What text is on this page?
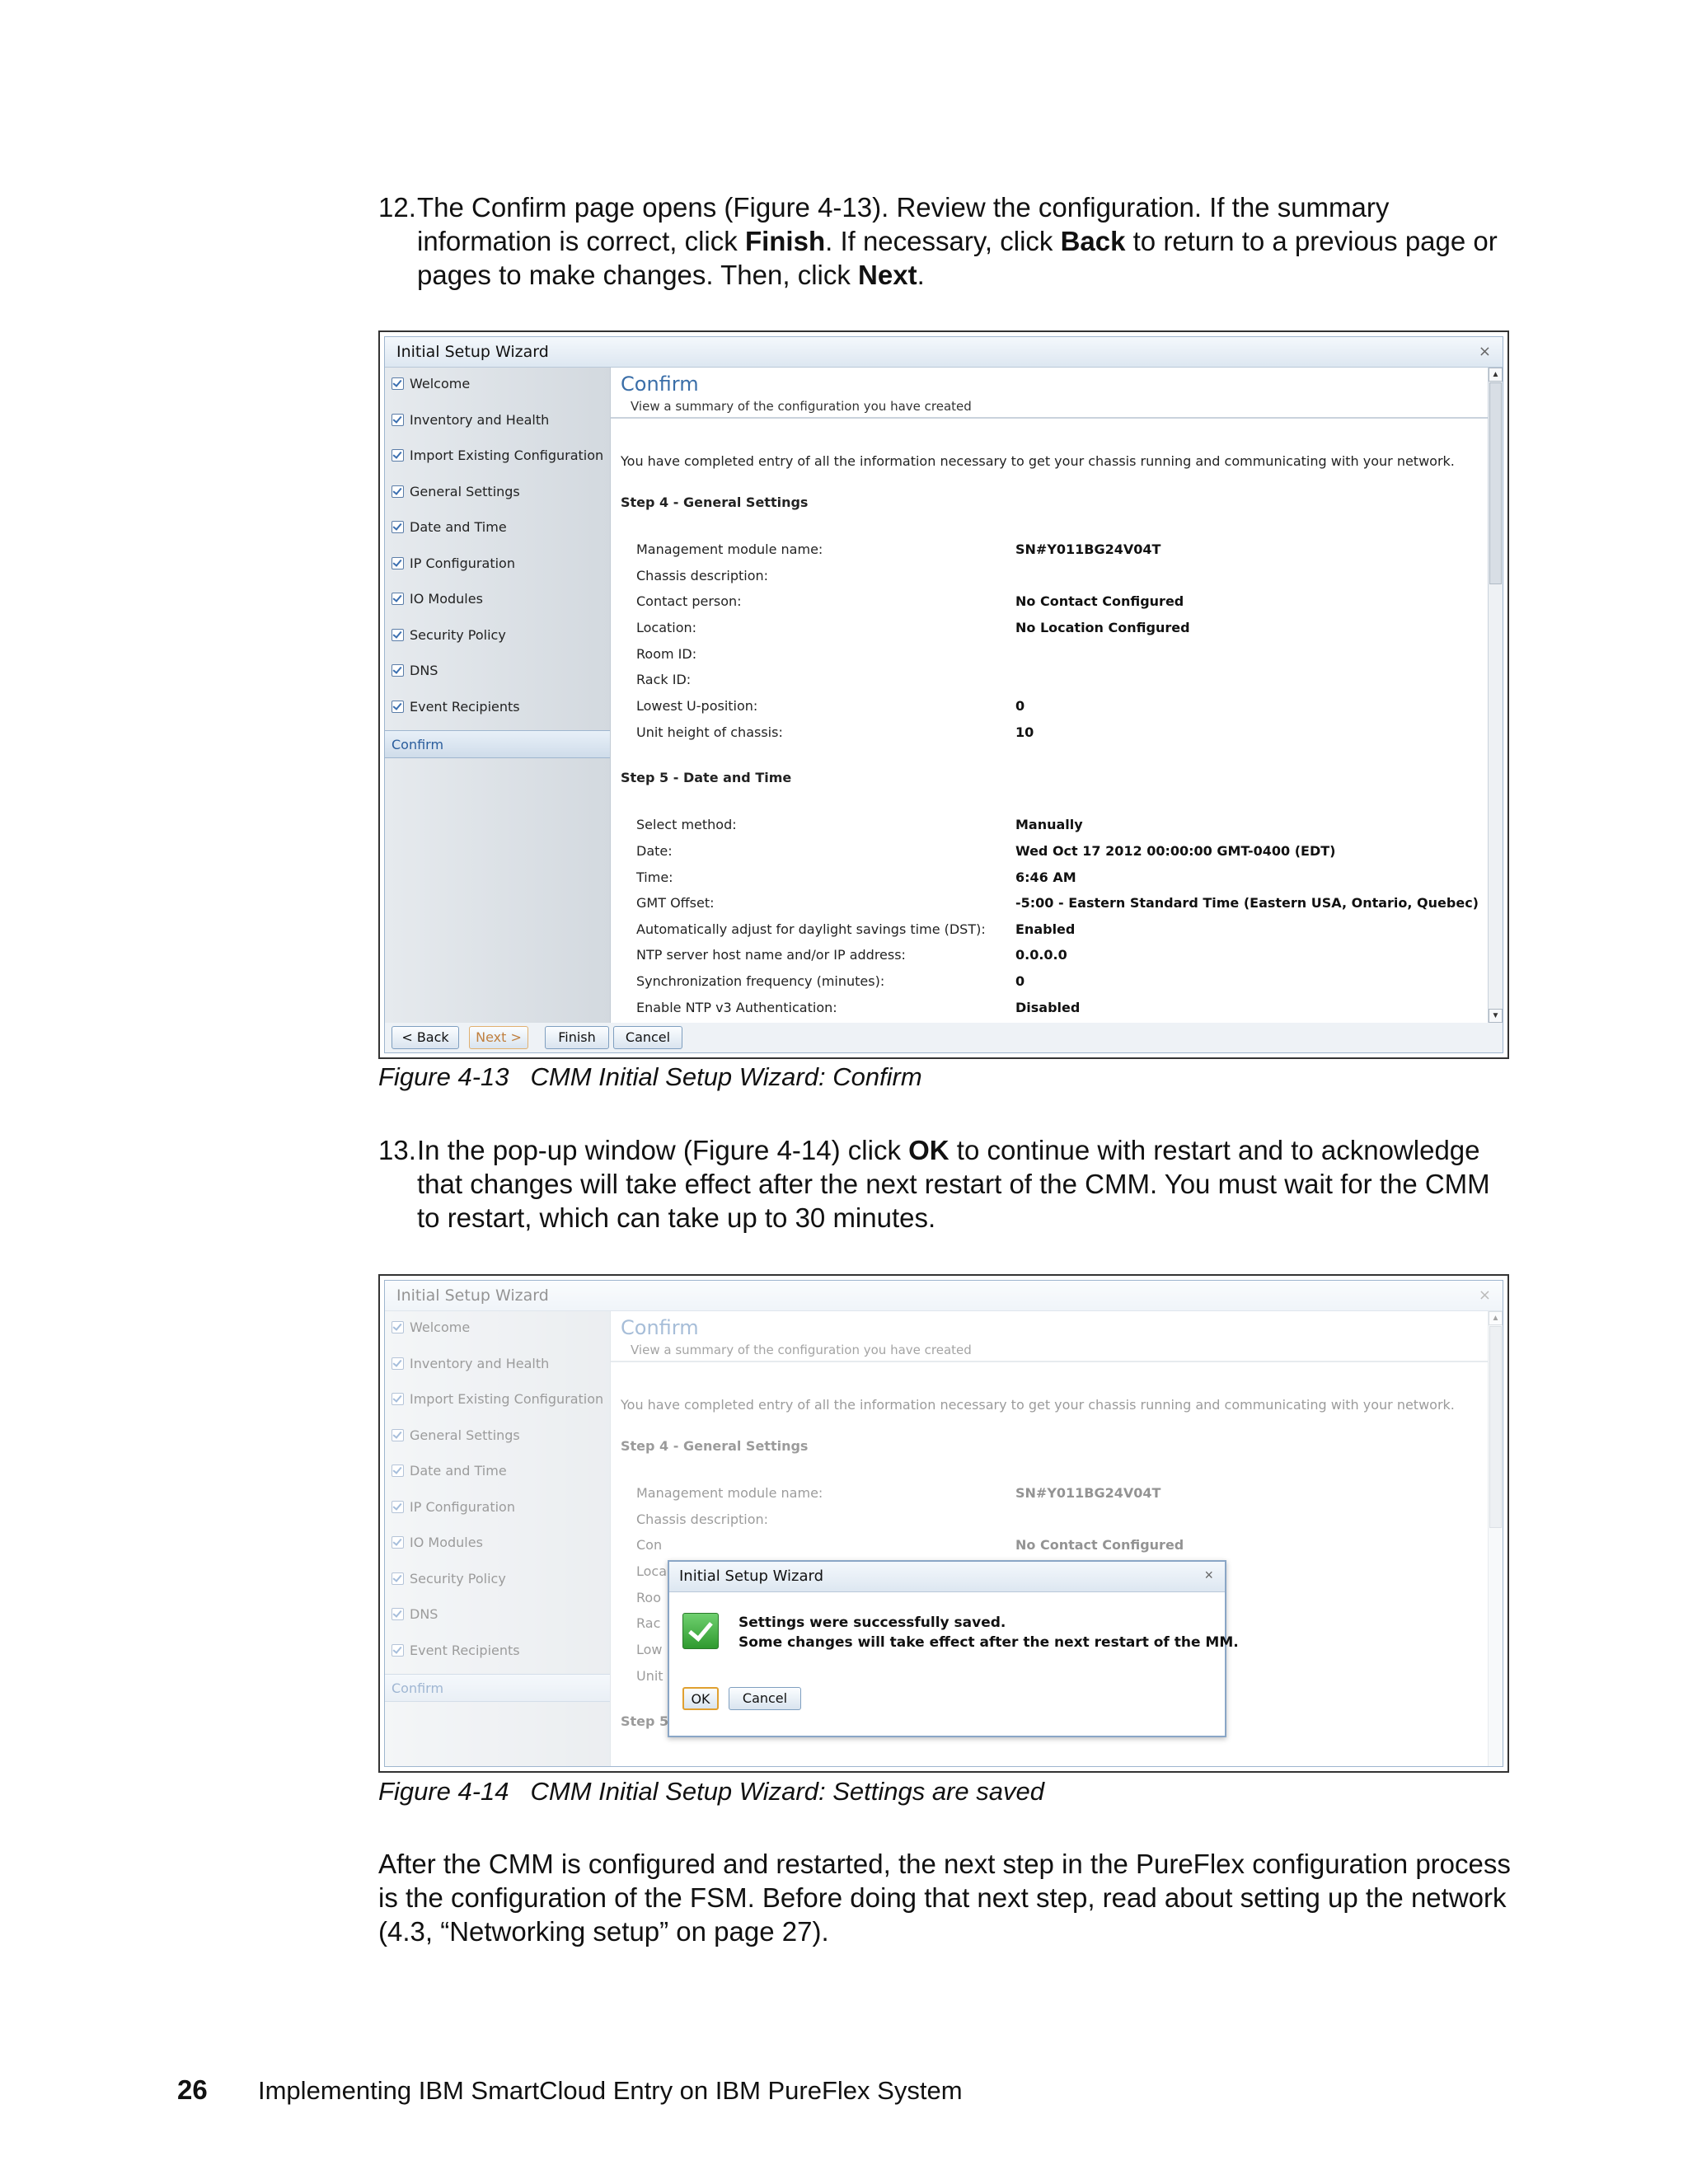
12. The Confirm page opens (Figure 4-13). Review the configuration. If the summary information is correct, click Finish. If necessary, click Back to return to a previous page or pages to make changes. Then, click Next.
Initial Setup Wizard	×
Welcome
Inventory and Health
Import Existing Configuration
General Settings
Date and Time
IP Configuration
IO Modules
Security Policy
DNS
Event Recipients
Confirm
Confirm
View a summary of the configuration you have created
You have completed entry of all the information necessary to get your chassis running and communicating with your network.
Step 4 - General Settings
Management module name:	SN#Y011BG24V04T
Chassis description:
Contact person:	No Contact Configured
Location:	No Location Configured
Room ID:
Rack ID:
Lowest U-position:	0
Unit height of chassis:	10
Step 5 - Date and Time
Select method:	Manually
Date:	Wed Oct 17 2012 00:00:00 GMT-0400 (EDT)
Time:	6:46 AM
GMT Offset:	-5:00 - Eastern Standard Time (Eastern USA, Ontario, Quebec)
Automatically adjust for daylight savings time (DST): Enabled
NTP server host name and/or IP address:	0.0.0.0
Synchronization frequency (minutes):	0
Enable NTP v3 Authentication:	Disabled
▲
▼
< Back	Next >	Finish	Cancel
Figure 4-13 CMM Initial Setup Wizard: Confirm
13. In the pop-up window (Figure 4-14) click OK to continue with restart and to acknowledge that changes will take effect after the next restart of the CMM. You must wait for the CMM to restart, which can take up to 30 minutes.
Initial Setup Wizard	×
Settings were successfully saved.
Some changes will take effect after the next restart of the MM.
OK	Cancel
Figure 4-14 CMM Initial Setup Wizard: Settings are saved
After the CMM is configured and restarted, the next step in the PureFlex configuration process is the configuration of the FSM. Before doing that next step, read about setting up the network (4.3, “Networking setup” on page 27).
26 Implementing IBM SmartCloud Entry on IBM PureFlex System
